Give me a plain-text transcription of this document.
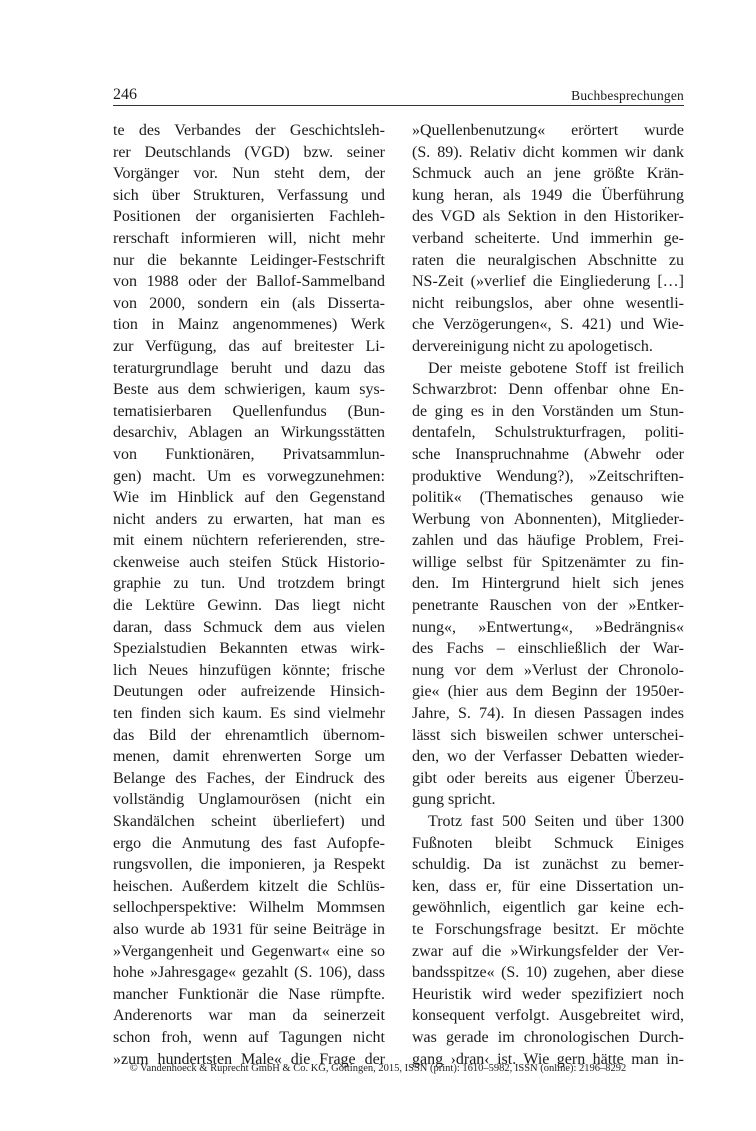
246	Buchbesprechungen
te des Verbandes der Geschichtsleh-
rer Deutschlands (VGD) bzw. seiner
Vorgänger vor. Nun steht dem, der
sich über Strukturen, Verfassung und
Positionen der organisierten Fachleh-
rerschaft informieren will, nicht mehr
nur die bekannte Leidinger-Festschrift
von 1988 oder der Ballof-Sammelband
von 2000, sondern ein (als Disserta-
tion in Mainz angenommenes) Werk
zur Verfügung, das auf breitester Li-
teraturgrundlage beruht und dazu das
Beste aus dem schwierigen, kaum sys-
tematisierbaren Quellenfundus (Bun-
desarchiv, Ablagen an Wirkungsstätten
von Funktionären, Privatsammlun-
gen) macht. Um es vorwegzunehmen:
Wie im Hinblick auf den Gegenstand
nicht anders zu erwarten, hat man es
mit einem nüchtern referierenden, stre-
ckenweise auch steifen Stück Historio-
graphie zu tun. Und trotzdem bringt
die Lektüre Gewinn. Das liegt nicht
daran, dass Schmuck dem aus vielen
Spezialstudien Bekannten etwas wirk-
lich Neues hinzufügen könnte; frische
Deutungen oder aufreizende Hinsich-
ten finden sich kaum. Es sind vielmehr
das Bild der ehrenamtlich übernom-
menen, damit ehrenwerten Sorge um
Belange des Faches, der Eindruck des
vollständig Unglamourösen (nicht ein
Skandälchen scheint überliefert) und
ergo die Anmutung des fast Aufopfe-
rungsvollen, die imponieren, ja Respekt
heischen. Außerdem kitzelt die Schlüs-
sellochperspektive: Wilhelm Mommsen
also wurde ab 1931 für seine Beiträge in
»Vergangenheit und Gegenwart« eine so
hohe »Jahresgage« gezahlt (S. 106), dass
mancher Funktionär die Nase rümpfte.
Anderenorts war man da seinerzeit
schon froh, wenn auf Tagungen nicht
»zum hundertsten Male« die Frage der
»Quellenbenutzung« erörtert wurde
(S. 89). Relativ dicht kommen wir dank
Schmuck auch an jene größte Krän-
kung heran, als 1949 die Überführung
des VGD als Sektion in den Historiker-
verband scheiterte. Und immerhin ge-
raten die neuralgischen Abschnitte zu
NS-Zeit (»verlief die Eingliederung […]
nicht reibungslos, aber ohne wesentli-
che Verzögerungen«, S. 421) und Wie-
dervereinigung nicht zu apologetisch.
Der meiste gebotene Stoff ist freilich
Schwarzbrot: Denn offenbar ohne En-
de ging es in den Vorständen um Stun-
dentafeln, Schulstrukturfragen, politi-
sche Inanspruchnahme (Abwehr oder
produktive Wendung?), »Zeitschriften-
politik« (Thematisches genauso wie
Werbung von Abonnenten), Mitglieder-
zahlen und das häufige Problem, Frei-
willige selbst für Spitzenämter zu fin-
den. Im Hintergrund hielt sich jenes
penetrante Rauschen von der »Entker-
nung«, »Entwertung«, »Bedrängnis«
des Fachs – einschließlich der War-
nung vor dem »Verlust der Chronolo-
gie« (hier aus dem Beginn der 1950er-
Jahre, S. 74). In diesen Passagen indes
lässt sich bisweilen schwer unterschei-
den, wo der Verfasser Debatten wieder-
gibt oder bereits aus eigener Überzeu-
gung spricht.
Trotz fast 500 Seiten und über 1300
Fußnoten bleibt Schmuck Einiges
schuldig. Da ist zunächst zu bemer-
ken, dass er, für eine Dissertation un-
gewöhnlich, eigentlich gar keine ech-
te Forschungsfrage besitzt. Er möchte
zwar auf die »Wirkungsfelder der Ver-
bandsspitze« (S. 10) zugehen, aber diese
Heuristik wird weder spezifiziert noch
konsequent verfolgt. Ausgebreitet wird,
was gerade im chronologischen Durch-
gang ›dran‹ ist. Wie gern hätte man in-
© Vandenhoeck & Ruprecht GmbH & Co. KG, Göttingen, 2015, ISSN (print): 1610–5982, ISSN (online): 2196–8292
